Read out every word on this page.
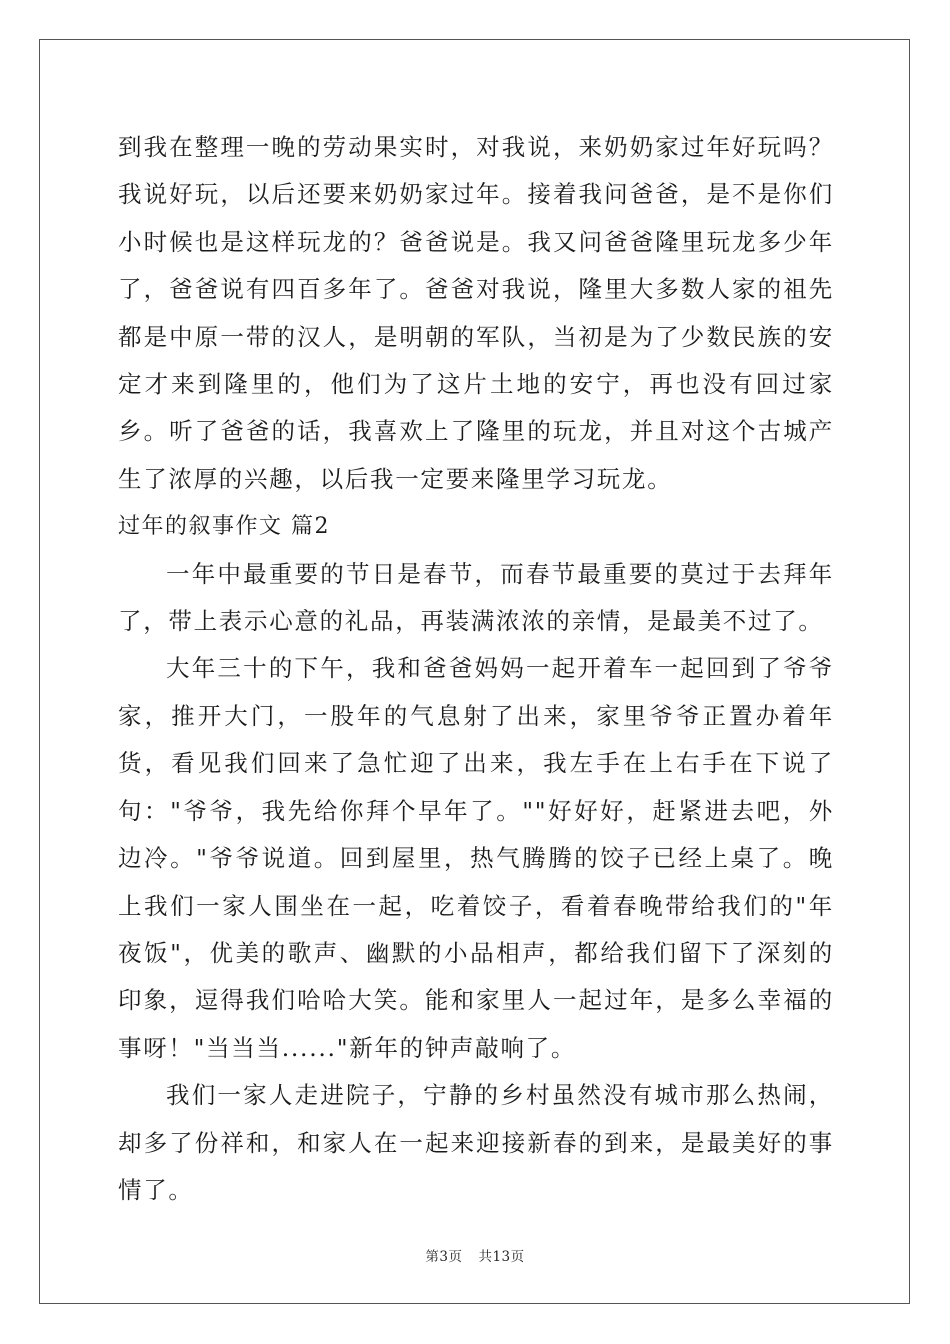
到我在整理一晚的劳动果实时，对我说，来奶奶家过年好玩吗？我说好玩，以后还要来奶奶家过年。接着我问爸爸，是不是你们小时候也是这样玩龙的？爸爸说是。我又问爸爸隆里玩龙多少年了，爸爸说有四百多年了。爸爸对我说，隆里大多数人家的祖先都是中原一带的汉人，是明朝的军队，当初是为了少数民族的安定才来到隆里的，他们为了这片土地的安宁，再也没有回过家乡。听了爸爸的话，我喜欢上了隆里的玩龙，并且对这个古城产生了浓厚的兴趣，以后我一定要来隆里学习玩龙。

过年的叙事作文 篇2

一年中最重要的节日是春节，而春节最重要的莫过于去拜年了，带上表示心意的礼品，再装满浓浓的亲情，是最美不过了。

大年三十的下午，我和爸爸妈妈一起开着车一起回到了爷爷家，推开大门，一股年的气息射了出来，家里爷爷正置办着年货，看见我们回来了急忙迎了出来，我左手在上右手在下说了句："爷爷，我先给你拜个早年了。""好好好，赶紧进去吧，外边冷。"爷爷说道。回到屋里，热气腾腾的饺子已经上桌了。晚上我们一家人围坐在一起，吃着饺子，看着春晚带给我们的"年夜饭"，优美的歌声、幽默的小品相声，都给我们留下了深刻的印象，逗得我们哈哈大笑。能和家里人一起过年，是多么幸福的事呀！"当当当......"新年的钟声敲响了。

我们一家人走进院子，宁静的乡村虽然没有城市那么热闹，却多了份祥和，和家人在一起来迎接新春的到来，是最美好的事情了。

第3页 共13页
